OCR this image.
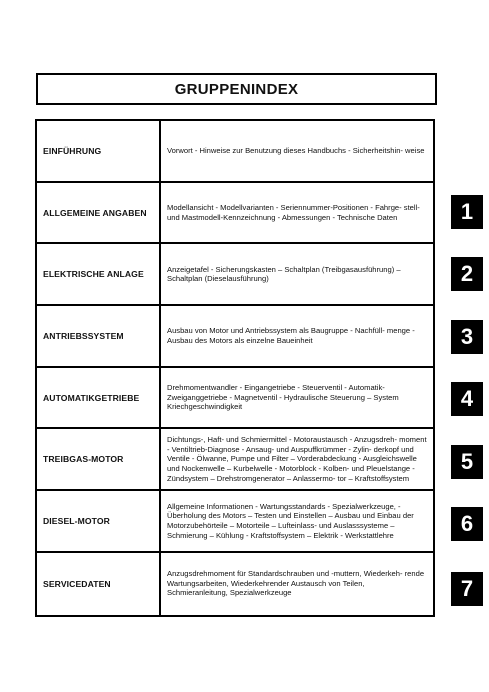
GRUPPENINDEX
EINFÜHRUNG	Vorwort - Hinweise zur Benutzung dieses Handbuchs - Sicherheitshin- weise
ALLGEMEINE ANGABEN
Modellansicht - Modellvarianten - Seriennummer-Positionen - Fahrge- stell- und Mastmodell-Kennzeichnung - Abmessungen - Technische Daten
ELEKTRISCHE ANLAGE
Anzeigetafel - Sicherungskasten – Schaltplan (Treibgasausführung) – Schaltplan (Dieselausführung)
ANTRIEBSSYSTEM
Ausbau von Motor und Antriebssystem als Baugruppe - Nachfüll- menge - Ausbau des Motors als einzelne Baueinheit
AUTOMATIKGETRIEBE
Drehmomentwandler - Eingangetriebe - Steuerventil - Automatik- Zweiganggetriebe - Magnetventil - Hydraulische Steuerung – System Kriechgeschwindigkeit
TREIBGAS-MOTOR
Dichtungs-, Haft- und Schmiermittel - Motoraustausch - Anzugsdreh- moment - Ventiltrieb-Diagnose - Ansaug- und Auspuffkrümmer - Zylin- derkopf und Ventile - Ölwanne, Pumpe und Filter – Vorderabdeckung - Ausgleichswelle und Nockenwelle – Kurbelwelle - Motorblock - Kolben- und Pleuelstange - Zündsystem – Drehstromgenerator – Anlassermo- tor – Kraftstoffsystem
DIESEL-MOTOR
Allgemeine Informationen - Wartungsstandards - Spezialwerkzeuge, - Überholung des Motors – Testen und Einstellen – Ausbau und Einbau der Motorzubehörteile – Motorteile – Lufteinlass- und Auslasssysteme – Schmierung – Kühlung - Kraftstoffsystem – Elektrik - Werkstattlehre
SERVICEDATEN
Anzugsdrehmoment für Standardschrauben und -muttern, Wiederkeh- rende Wartungsarbeiten, Wiederkehrender Austausch von Teilen, Schmieranleitung, Spezialwerkzeuge
1
2
3
4
5
6
7
